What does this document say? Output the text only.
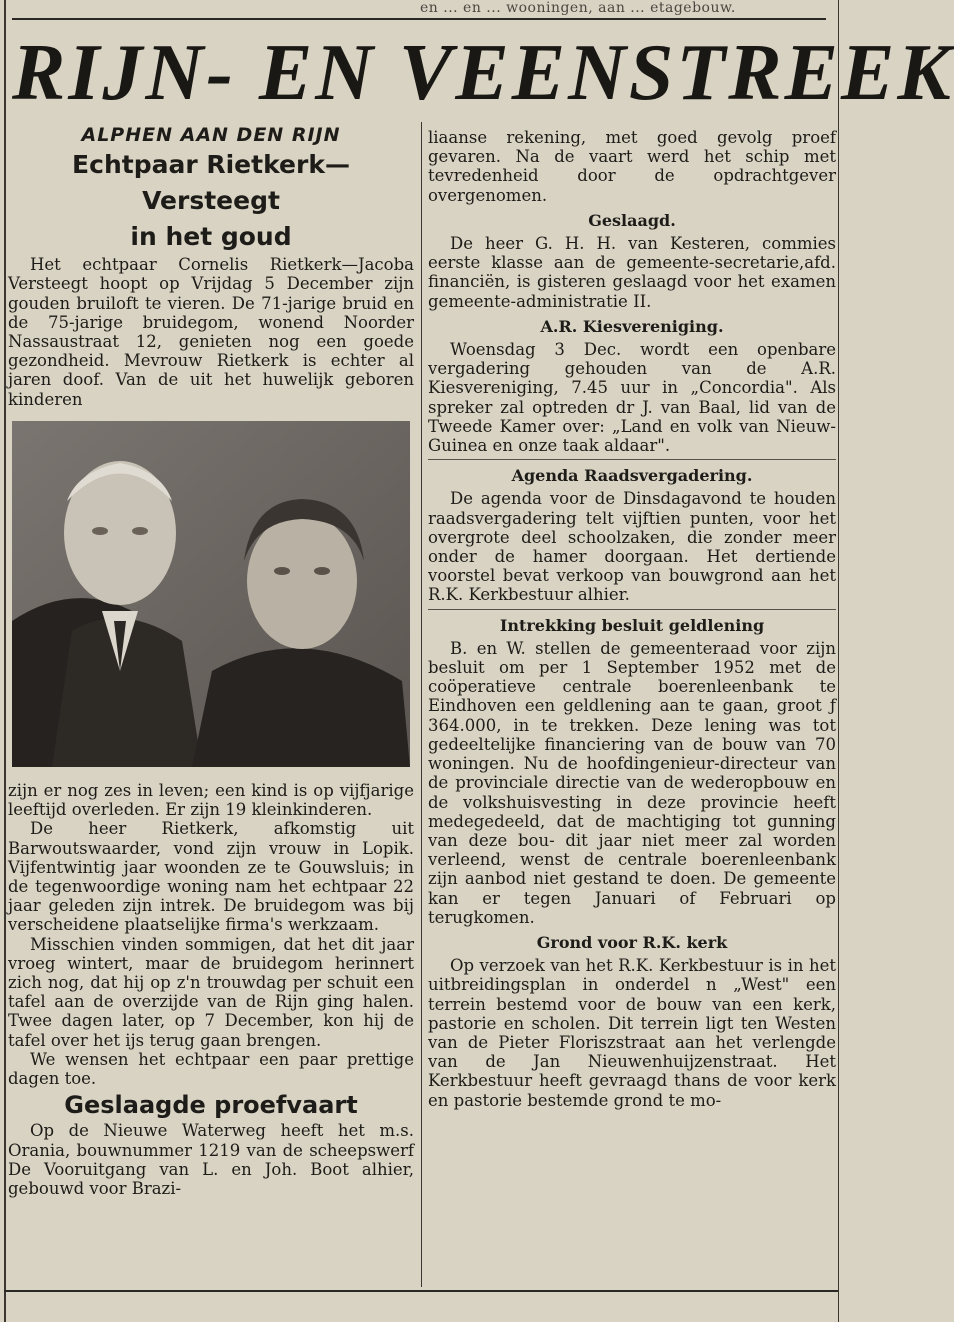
en ... en ... wooningen, aan ... etagebouw.
RIJN- EN VEENSTREEK
ALPHEN AAN DEN RIJN
Echtpaar Rietkerk—Versteegt
in het goud

Het echtpaar Cornelis Rietkerk—Jacoba Versteegt hoopt op Vrijdag 5 December zijn gouden bruiloft te vieren. De 71-jarige bruid en de 75-jarige bruidegom, wonend Noorder Nassaustraat 12, genieten nog een goede gezondheid. Mevrouw Rietkerk is echter al jaren doof. Van de uit het huwelijk geboren kinderen

zijn er nog zes in leven; een kind is op vijfjarige leeftijd overleden. Er zijn 19 kleinkinderen.

De heer Rietkerk, afkomstig uit Barwoutswaarder, vond zijn vrouw in Lopik. Vijfentwintig jaar woonden ze te Gouwsluis; in de tegenwoordige woning nam het echtpaar 22 jaar geleden zijn intrek. De bruidegom was bij verscheidene plaatselijke firma's werkzaam.

Misschien vinden sommigen, dat het dit jaar vroeg wintert, maar de bruidegom herinnert zich nog, dat hij op z'n trouwdag per schuit een tafel aan de overzijde van de Rijn ging halen. Twee dagen later, op 7 December, kon hij de tafel over het ijs terug gaan brengen.

We wensen het echtpaar een paar prettige dagen toe.

Geslaagde proefvaart

Op de Nieuwe Waterweg heeft het m.s. Orania, bouwnummer 1219 van de scheepswerf De Vooruitgang van L. en Joh. Boot alhier, gebouwd voor Brazi-

liaanse rekening, met goed gevolg proef gevaren. Na de vaart werd het schip met tevredenheid door de opdrachtgever overgenomen.

Geslaagd.

De heer G. H. H. van Kesteren, commies eerste klasse aan de gemeente-secretarie,afd. financiën, is gisteren geslaagd voor het examen gemeente-administratie II.

A.R. Kiesvereniging.

Woensdag 3 Dec. wordt een openbare vergadering gehouden van de A.R. Kiesvereniging, 7.45 uur in „Concordia". Als spreker zal optreden dr J. van Baal, lid van de Tweede Kamer over: „Land en volk van Nieuw-Guinea en onze taak aldaar".

Agenda Raadsvergadering.

De agenda voor de Dinsdagavond te houden raadsvergadering telt vijftien punten, voor het overgrote deel schoolzaken, die zonder meer onder de hamer doorgaan. Het dertiende voorstel bevat verkoop van bouwgrond aan het R.K. Kerkbestuur alhier.

Intrekking besluit geldlening

B. en W. stellen de gemeenteraad voor zijn besluit om per 1 September 1952 met de coöperatieve centrale boerenleenbank te Eindhoven een geldlening aan te gaan, groot ƒ 364.000, in te trekken. Deze lening was tot gedeeltelijke financiering van de bouw van 70 woningen. Nu de hoofdingenieur-directeur van de provinciale directie van de wederopbouw en de volkshuisvesting in deze provincie heeft medegedeeld, dat de machtiging tot gunning van deze bou- dit jaar niet meer zal worden verleend, wenst de centrale boerenleenbank zijn aanbod niet gestand te doen. De gemeente kan er tegen Januari of Februari op terugkomen.

Grond voor R.K. kerk

Op verzoek van het R.K. Kerkbestuur is in het uitbreidingsplan in onderdel n „West" een terrein bestemd voor de bouw van een kerk, pastorie en scholen. Dit terrein ligt ten Westen van de Pieter Floriszstraat aan het verlengde van de Jan Nieuwenhuijzenstraat. Het Kerkbestuur heeft gevraagd thans de voor kerk en pastorie bestemde grond te mo-
